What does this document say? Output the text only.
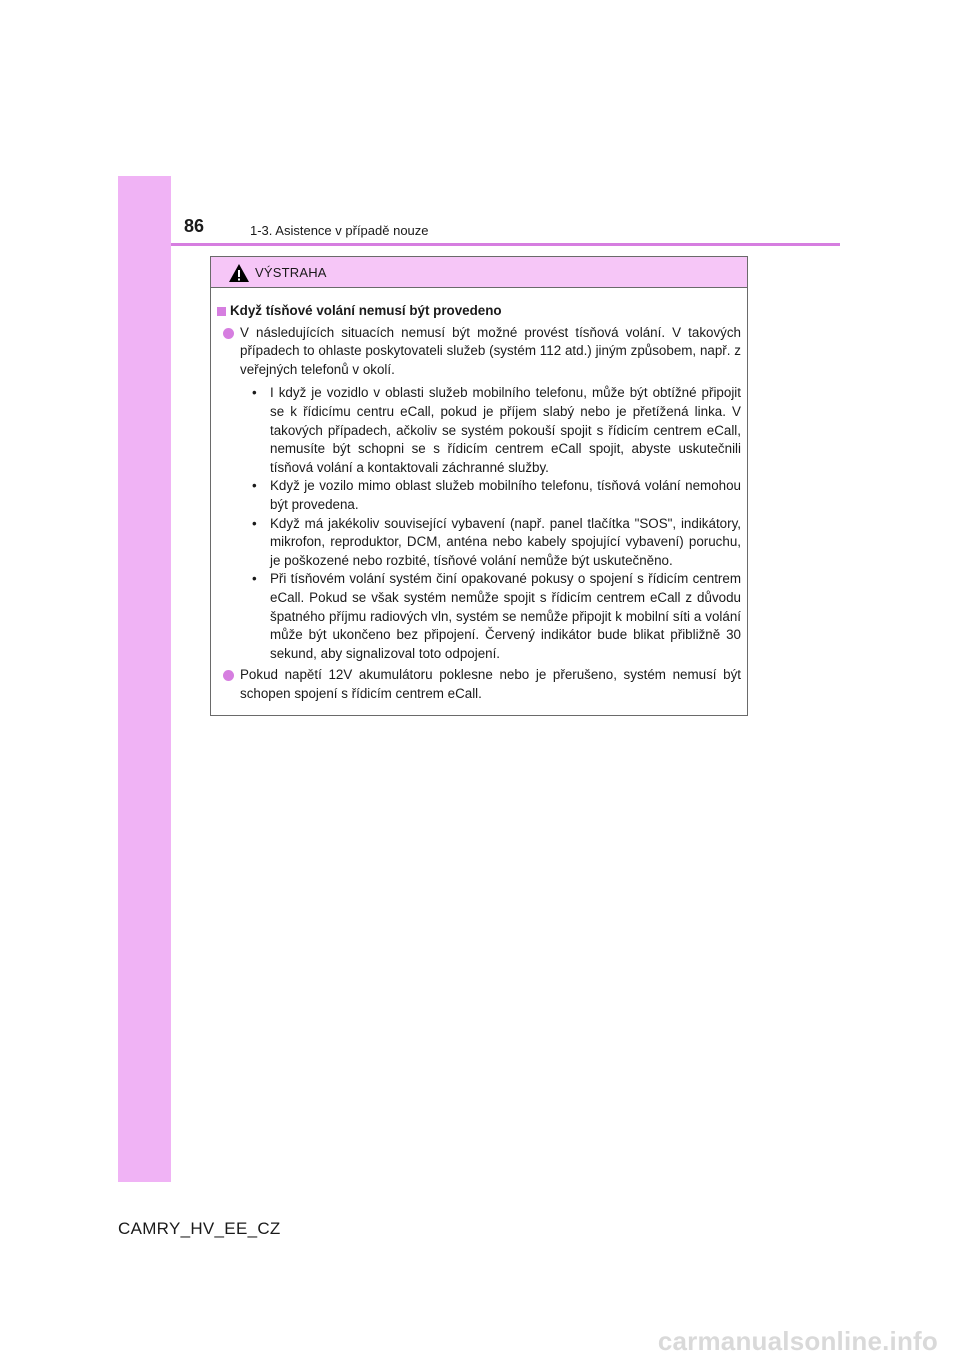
86	1-3. Asistence v případě nouze
VÝSTRAHA
Když tísňové volání nemusí být provedeno
V následujících situacích nemusí být možné provést tísňová volání. V takových případech to ohlaste poskytovateli služeb (systém 112 atd.) jiným způsobem, např. z veřejných telefonů v okolí.
• I když je vozidlo v oblasti služeb mobilního telefonu, může být obtížné připojit se k řídicímu centru eCall, pokud je příjem slabý nebo je přetížená linka. V takových případech, ačkoliv se systém pokouší spojit s řídicím centrem eCall, nemusíte být schopni se s řídicím centrem eCall spojit, abyste uskutečnili tísňová volání a kontaktovali záchranné služby.
• Když je vozilo mimo oblast služeb mobilního telefonu, tísňová volání nemohou být provedena.
• Když má jakékoliv související vybavení (např. panel tlačítka "SOS", indikátory, mikrofon, reproduktor, DCM, anténa nebo kabely spojující vybavení) poruchu, je poškozené nebo rozbité, tísňové volání nemůže být uskutečněno.
• Při tísňovém volání systém činí opakované pokusy o spojení s řídicím centrem eCall. Pokud se však systém nemůže spojit s řídicím centrem eCall z důvodu špatného příjmu radiových vln, systém se nemůže připojit k mobilní síti a volání může být ukončeno bez připojení. Červený indikátor bude blikat přibližně 30 sekund, aby signalizoval toto odpojení.
Pokud napětí 12V akumulátoru poklesne nebo je přerušeno, systém nemusí být schopen spojení s řídicím centrem eCall.
CAMRY_HV_EE_CZ
carmanualsonline.info
